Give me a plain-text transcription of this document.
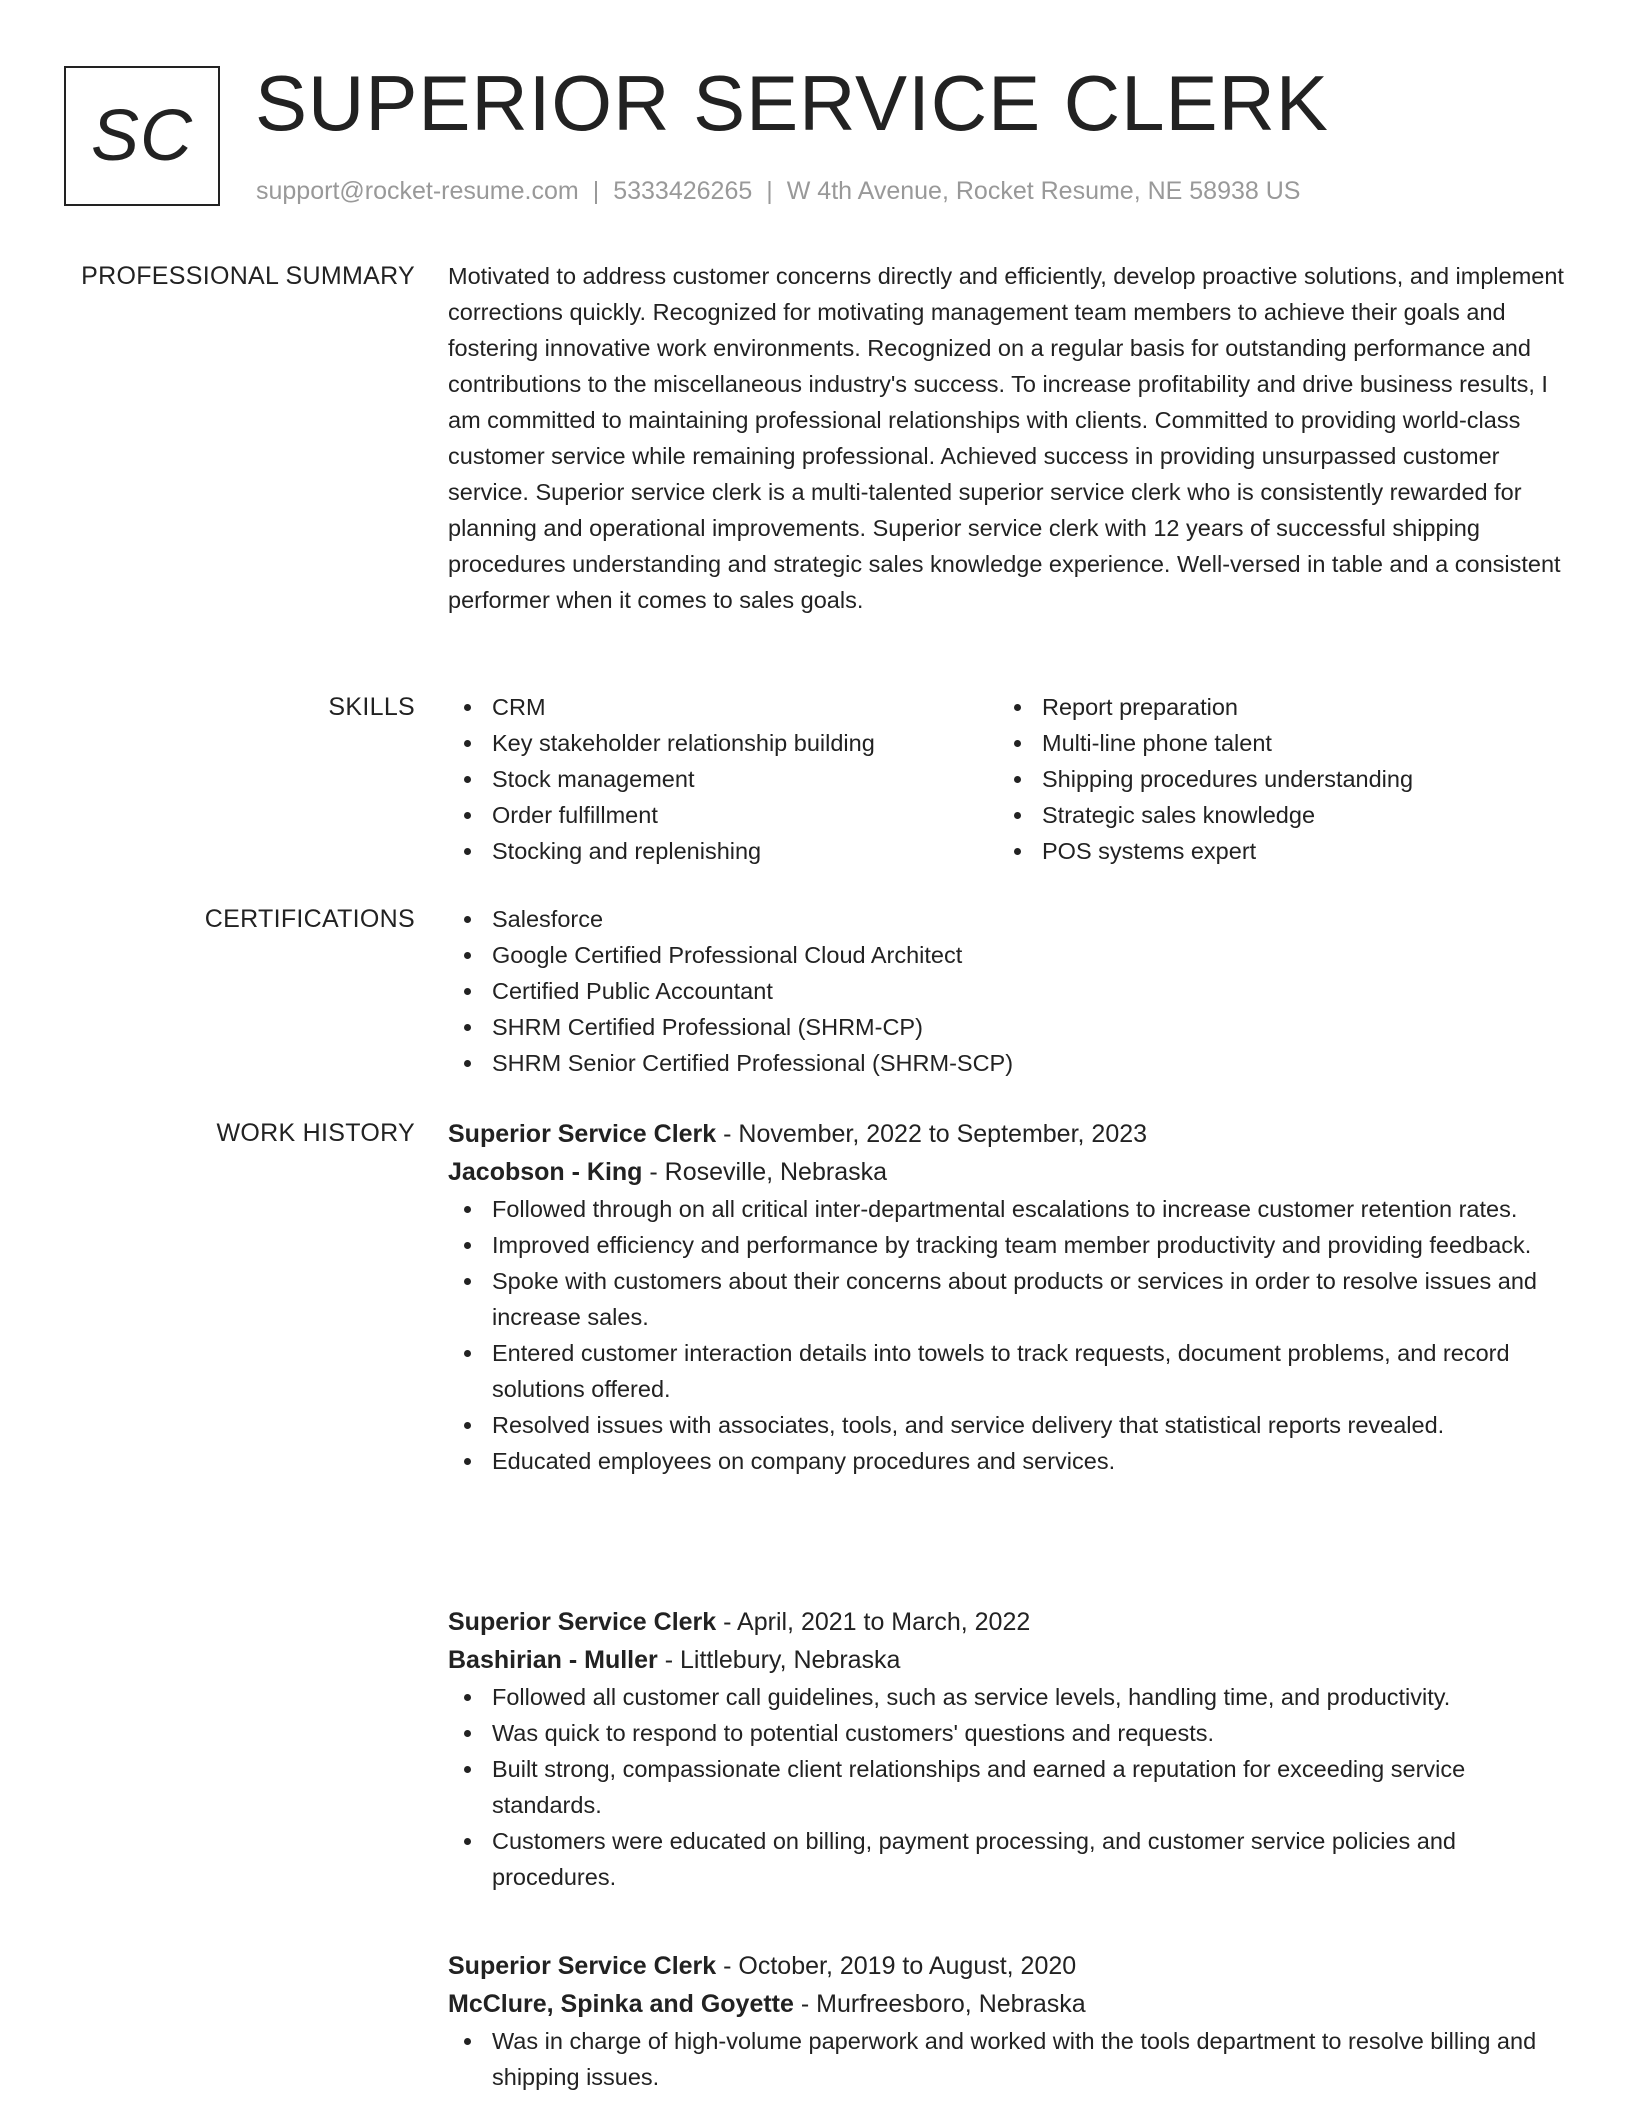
SC SUPERIOR SERVICE CLERK
support@rocket-resume.com | 5333426265 | W 4th Avenue, Rocket Resume, NE 58938 US
PROFESSIONAL SUMMARY Motivated to address customer concerns directly and efficiently, develop proactive solutions, and implement corrections quickly. Recognized for motivating management team members to achieve their goals and fostering innovative work environments. Recognized on a regular basis for outstanding performance and contributions to the miscellaneous industry's success. To increase profitability and drive business results, I am committed to maintaining professional relationships with clients. Committed to providing world-class customer service while remaining professional. Achieved success in providing unsurpassed customer service. Superior service clerk is a multi-talented superior service clerk who is consistently rewarded for planning and operational improvements. Superior service clerk with 12 years of successful shipping procedures understanding and strategic sales knowledge experience. Well-versed in table and a consistent performer when it comes to sales goals.
SKILLS	CRM
Key stakeholder relationship building
Stock management
Order fulfillment
Stocking and replenishing
Report preparation
Multi-line phone talent
Shipping procedures understanding
Strategic sales knowledge
POS systems expert
CERTIFICATIONS	Salesforce
Google Certified Professional Cloud Architect
Certified Public Accountant
SHRM Certified Professional (SHRM-CP)
SHRM Senior Certified Professional (SHRM-SCP)
WORK HISTORY Superior Service Clerk - November, 2022 to September, 2023
Jacobson - King - Roseville, Nebraska
Followed through on all critical inter-departmental escalations to increase customer retention rates.
Improved efficiency and performance by tracking team member productivity and providing feedback.
Spoke with customers about their concerns about products or services in order to resolve issues and increase sales.
Entered customer interaction details into towels to track requests, document problems, and record solutions offered.
Resolved issues with associates, tools, and service delivery that statistical reports revealed.
Educated employees on company procedures and services.
Superior Service Clerk - April, 2021 to March, 2022
Bashirian - Muller - Littlebury, Nebraska
Followed all customer call guidelines, such as service levels, handling time, and productivity.
Was quick to respond to potential customers' questions and requests.
Built strong, compassionate client relationships and earned a reputation for exceeding service standards.
Customers were educated on billing, payment processing, and customer service policies and procedures.
Superior Service Clerk - October, 2019 to August, 2020
McClure, Spinka and Goyette - Murfreesboro, Nebraska
Was in charge of high-volume paperwork and worked with the tools department to resolve billing and shipping issues.
